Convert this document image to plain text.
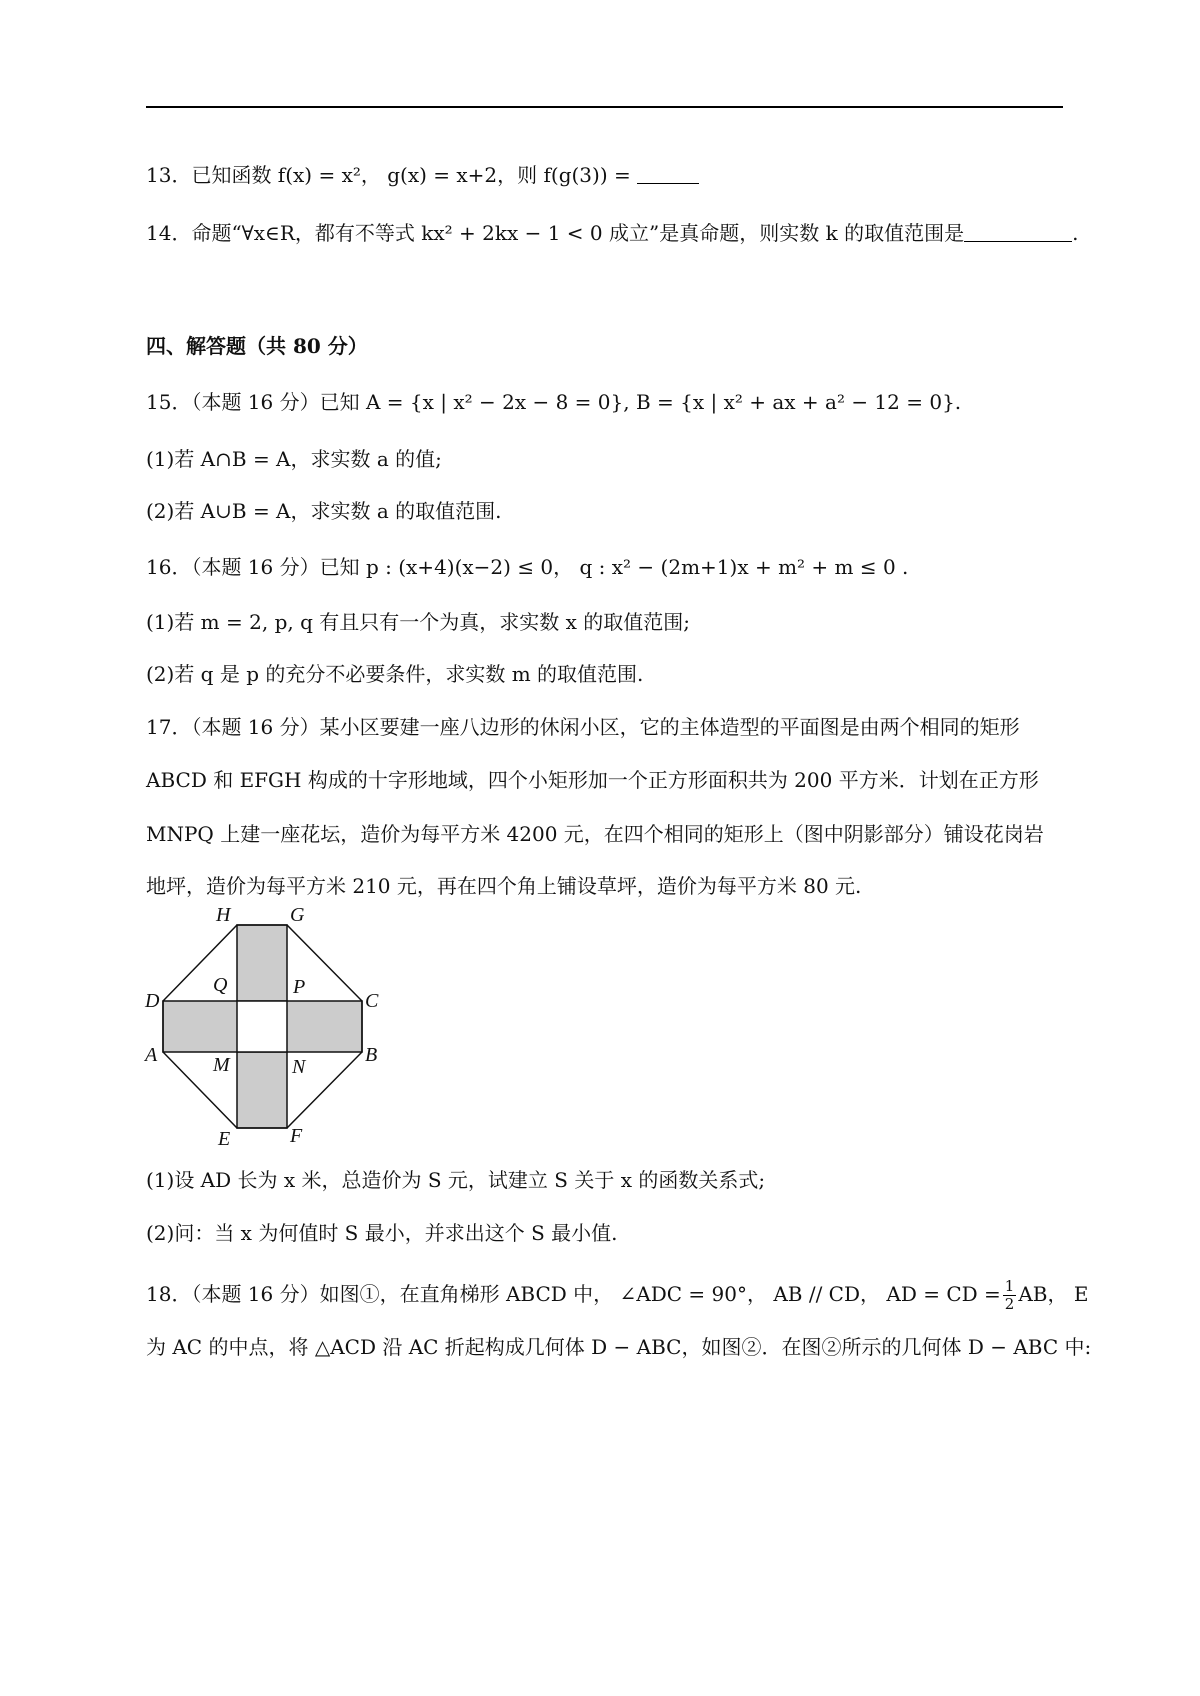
13．已知函数 f(x) = x²， g(x) = x+2，则 f(g(3)) =
14．命题“∀x∈R，都有不等式 kx² + 2kx − 1 < 0 成立”是真命题，则实数 k 的取值范围是	.
四、解答题（共 80 分）
15．（本题 16 分）已知 A = {x | x² − 2x − 8 = 0}, B = {x | x² + ax + a² − 12 = 0}.
(1)若 A∩B = A，求实数 a 的值;
(2)若 A∪B = A，求实数 a 的取值范围.
16．（本题 16 分）已知 p : (x+4)(x−2) ≤ 0， q : x² − (2m+1)x + m² + m ≤ 0 .
(1)若 m = 2, p, q 有且只有一个为真，求实数 x 的取值范围;
(2)若 q 是 p 的充分不必要条件，求实数 m 的取值范围.
17．（本题 16 分）某小区要建一座八边形的休闲小区，它的主体造型的平面图是由两个相同的矩形
ABCD 和 EFGH 构成的十字形地域，四个小矩形加一个正方形面积共为 200 平方米．计划在正方形
MNPQ 上建一座花坛，造价为每平方米 4200 元，在四个相同的矩形上（图中阴影部分）铺设花岗岩
地坪，造价为每平方米 210 元，再在四个角上铺设草坪，造价为每平方米 80 元.
H	G
D	C
A	B
E	F
Q	P
M	N
(1)设 AD 长为 x 米，总造价为 S 元，试建立 S 关于 x 的函数关系式;
(2)问：当 x 为何值时 S 最小，并求出这个 S 最小值.
18．（本题 16 分）如图①，在直角梯形 ABCD 中， ∠ADC = 90°， AB // CD， AD = CD = $\frac{1}{2}$ AB， E
为 AC 的中点，将 △ACD 沿 AC 折起构成几何体 D − ABC，如图②．在图②所示的几何体 D − ABC 中:
